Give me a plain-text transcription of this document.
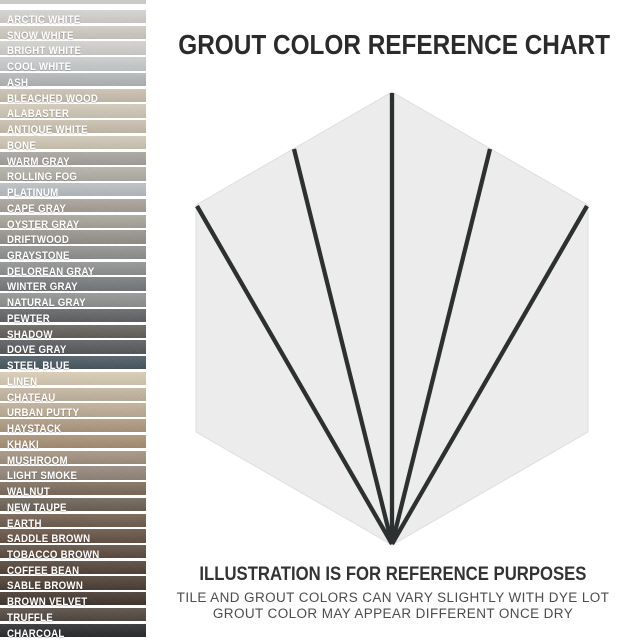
ARCTIC WHITE
SNOW WHITE
BRIGHT WHITE
COOL WHITE
ASH
BLEACHED WOOD
ALABASTER
ANTIQUE WHITE
BONE
WARM GRAY
ROLLING FOG
PLATINUM
CAPE GRAY
OYSTER GRAY
DRIFTWOOD
GRAYSTONE
DELOREAN GRAY
WINTER GRAY
NATURAL GRAY
PEWTER
SHADOW
DOVE GRAY
STEEL BLUE
LINEN
CHATEAU
URBAN PUTTY
HAYSTACK
KHAKI
MUSHROOM
LIGHT SMOKE
WALNUT
NEW TAUPE
EARTH
SADDLE BROWN
TOBACCO BROWN
COFFEE BEAN
SABLE BROWN
BROWN VELVET
TRUFFLE
CHARCOAL
GROUT COLOR REFERENCE CHART
ILLUSTRATION IS FOR REFERENCE PURPOSES
TILE AND GROUT COLORS CAN VARY SLIGHTLY WITH DYE LOT
GROUT COLOR MAY APPEAR DIFFERENT ONCE DRY
